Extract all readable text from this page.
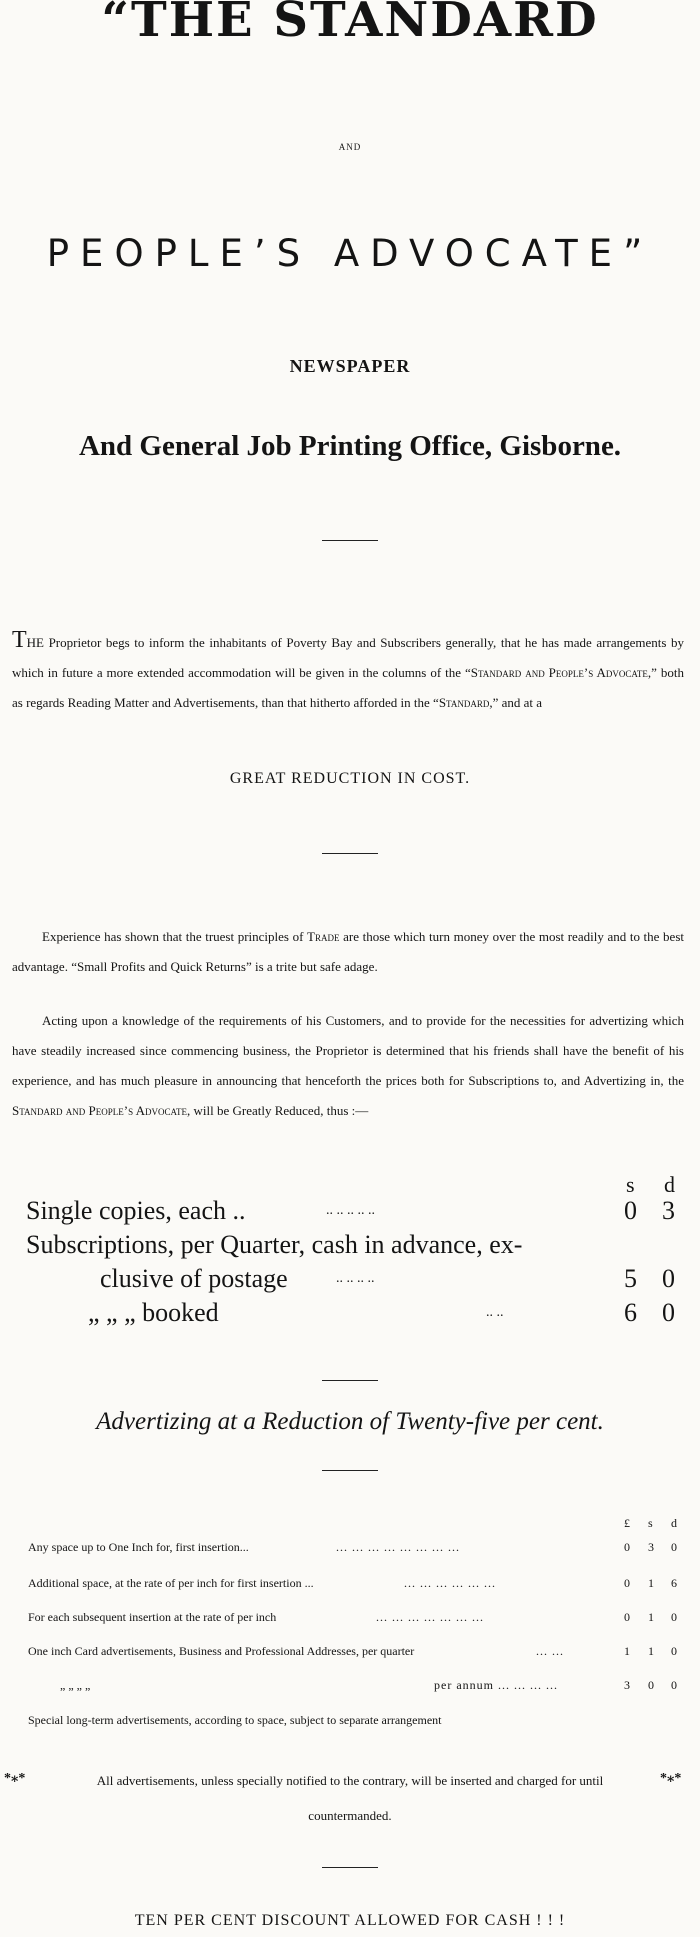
“THE STANDARD
AND
PEOPLE’S ADVOCATE”
NEWSPAPER
And General Job Printing Office, Gisborne.
THE Proprietor begs to inform the inhabitants of Poverty Bay and Subscribers generally, that he has made arrangements by which in future a more extended accommodation will be given in the columns of the “Standard and People’s Advocate,” both as regards Reading Matter and Advertisements, than that hitherto afforded in the “Standard,” and at a
GREAT REDUCTION IN COST.
Experience has shown that the truest principles of Trade are those which turn money over the most readily and to the best advantage. “Small Profits and Quick Returns” is a trite but safe adage.
Acting upon a knowledge of the requirements of his Customers, and to provide for the necessities for advertizing which have steadily increased since commencing business, the Proprietor is determined that his friends shall have the benefit of his experience, and has much pleasure in announcing that henceforth the prices both for Subscriptions to, and Advertizing in, the Standard and People’s Advocate, will be Greatly Reduced, thus :—
s d
Single copies, each ..	.. .. .. .. ..	0 3
Subscriptions, per Quarter, cash in advance, ex-
clusive of postage	.. .. .. ..	5 0
„ „ „ booked	.. ..	6 0
Advertizing at a Reduction of Twenty-five per cent.
£ s d
Any space up to One Inch for, first insertion...	... ... ... ... ... ... ... ...	0 3 0
Additional space, at the rate of per inch for first insertion ...	... ... ... ... ... ...	0 1 6
For each subsequent insertion at the rate of per inch	... ... ... ... ... ... ...	0 1 0
One inch Card advertisements, Business and Professional Addresses, per quarter	... ...	1 1 0
„ „ „ „	per annum ... ... ... ...	3 0 0
Special long-term advertisements, according to space, subject to separate arrangement
*⁎*	All advertisements, unless specially notified to the contrary, will be inserted and charged for until	*⁎*
countermanded.
TEN PER CENT DISCOUNT ALLOWED FOR CASH ! ! !
